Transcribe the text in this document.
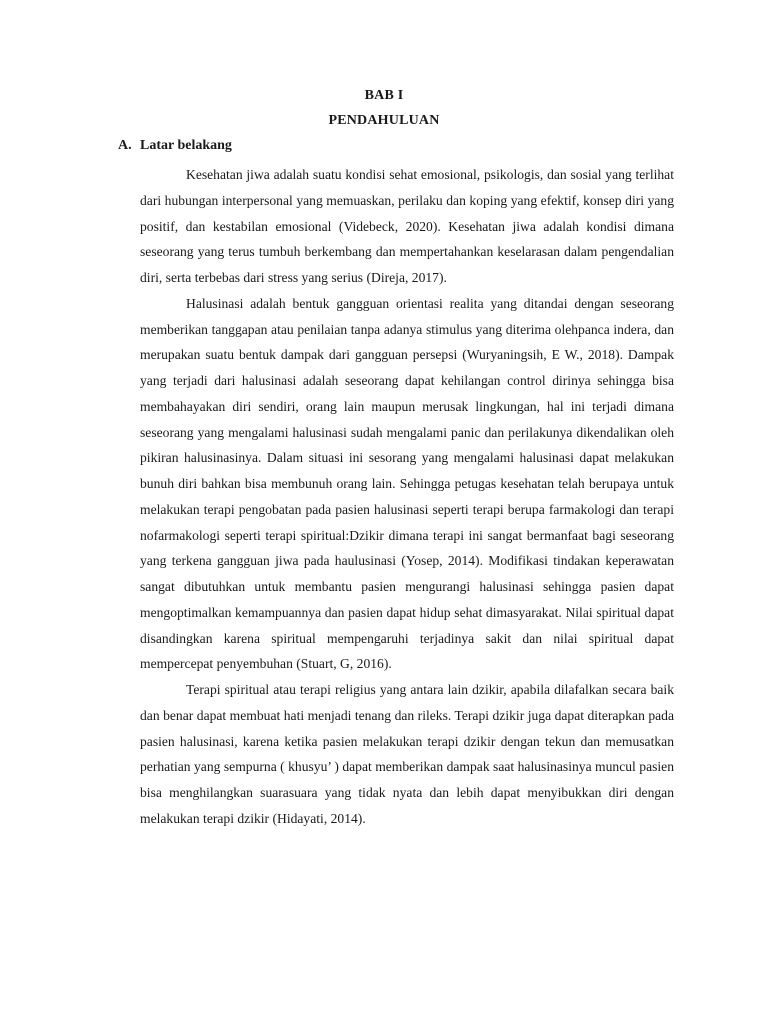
BAB I
PENDAHULUAN
A. Latar belakang

Kesehatan jiwa adalah suatu kondisi sehat emosional, psikologis, dan sosial yang terlihat dari hubungan interpersonal yang memuaskan, perilaku dan koping yang efektif, konsep diri yang positif, dan kestabilan emosional (Videbeck, 2020). Kesehatan jiwa adalah kondisi dimana seseorang yang terus tumbuh berkembang dan mempertahankan keselarasan dalam pengendalian diri, serta terbebas dari stress yang serius (Direja, 2017).

Halusinasi adalah bentuk gangguan orientasi realita yang ditandai dengan seseorang memberikan tanggapan atau penilaian tanpa adanya stimulus yang diterima olehpanca indera, dan merupakan suatu bentuk dampak dari gangguan persepsi (Wuryaningsih, E W., 2018). Dampak yang terjadi dari halusinasi adalah seseorang dapat kehilangan control dirinya sehingga bisa membahayakan diri sendiri, orang lain maupun merusak lingkungan, hal ini terjadi dimana seseorang yang mengalami halusinasi sudah mengalami panic dan perilakunya dikendalikan oleh pikiran halusinasinya. Dalam situasi ini sesorang yang mengalami halusinasi dapat melakukan bunuh diri bahkan bisa membunuh orang lain. Sehingga petugas kesehatan telah berupaya untuk melakukan terapi pengobatan pada pasien halusinasi seperti terapi berupa farmakologi dan terapi nofarmakologi seperti terapi spiritual:Dzikir dimana terapi ini sangat bermanfaat bagi seseorang yang terkena gangguan jiwa pada haulusinasi (Yosep, 2014). Modifikasi tindakan keperawatan sangat dibutuhkan untuk membantu pasien mengurangi halusinasi sehingga pasien dapat mengoptimalkan kemampuannya dan pasien dapat hidup sehat dimasyarakat. Nilai spiritual dapat disandingkan karena spiritual mempengaruhi terjadinya sakit dan nilai spiritual dapat mempercepat penyembuhan (Stuart, G, 2016).

Terapi spiritual atau terapi religius yang antara lain dzikir, apabila dilafalkan secara baik dan benar dapat membuat hati menjadi tenang dan rileks. Terapi dzikir juga dapat diterapkan pada pasien halusinasi, karena ketika pasien melakukan terapi dzikir dengan tekun dan memusatkan perhatian yang sempurna ( khusyu’ ) dapat memberikan dampak saat halusinasinya muncul pasien bisa menghilangkan suarasuara yang tidak nyata dan lebih dapat menyibukkan diri dengan melakukan terapi dzikir (Hidayati, 2014).
